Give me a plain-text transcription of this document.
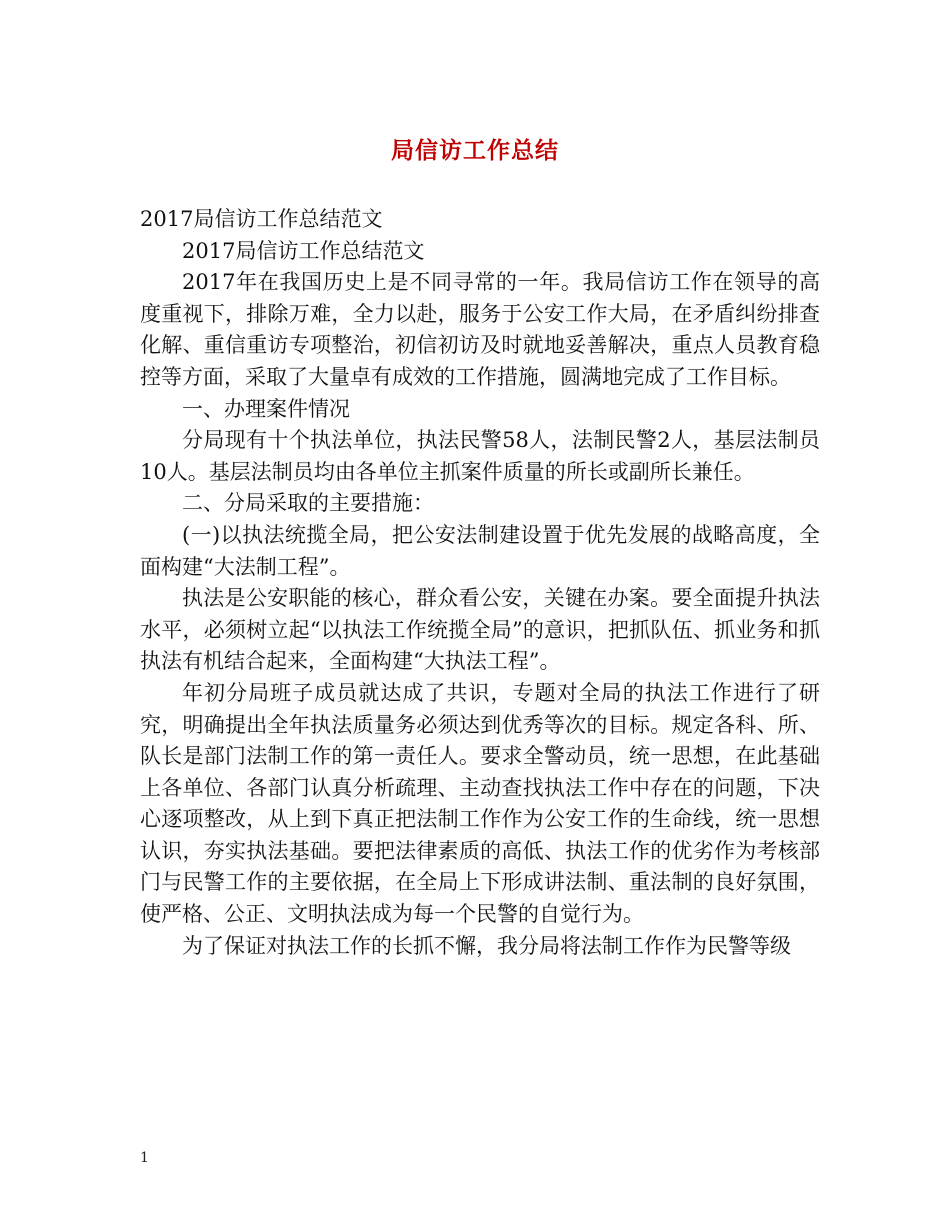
局信访工作总结

2017局信访工作总结范文

2017局信访工作总结范文

2017年在我国历史上是不同寻常的一年。我局信访工作在领导的高度重视下，排除万难，全力以赴，服务于公安工作大局，在矛盾纠纷排查化解、重信重访专项整治，初信初访及时就地妥善解决，重点人员教育稳控等方面，采取了大量卓有成效的工作措施，圆满地完成了工作目标。

一、办理案件情况

分局现有十个执法单位，执法民警58人，法制民警2人，基层法制员10人。基层法制员均由各单位主抓案件质量的所长或副所长兼任。

二、分局采取的主要措施：

(一)以执法统揽全局，把公安法制建设置于优先发展的战略高度，全面构建“大法制工程”。

执法是公安职能的核心，群众看公安，关键在办案。要全面提升执法水平，必须树立起“以执法工作统揽全局”的意识，把抓队伍、抓业务和抓执法有机结合起来，全面构建“大执法工程”。

年初分局班子成员就达成了共识，专题对全局的执法工作进行了研究，明确提出全年执法质量务必须达到优秀等次的目标。规定各科、所、队长是部门法制工作的第一责任人。要求全警动员，统一思想，在此基础上各单位、各部门认真分析疏理、主动查找执法工作中存在的问题，下决心逐项整改，从上到下真正把法制工作作为公安工作的生命线，统一思想认识，夯实执法基础。要把法律素质的高低、执法工作的优劣作为考核部门与民警工作的主要依据，在全局上下形成讲法制、重法制的良好氛围，使严格、公正、文明执法成为每一个民警的自觉行为。

为了保证对执法工作的长抓不懈，我分局将法制工作作为民警等级

1
